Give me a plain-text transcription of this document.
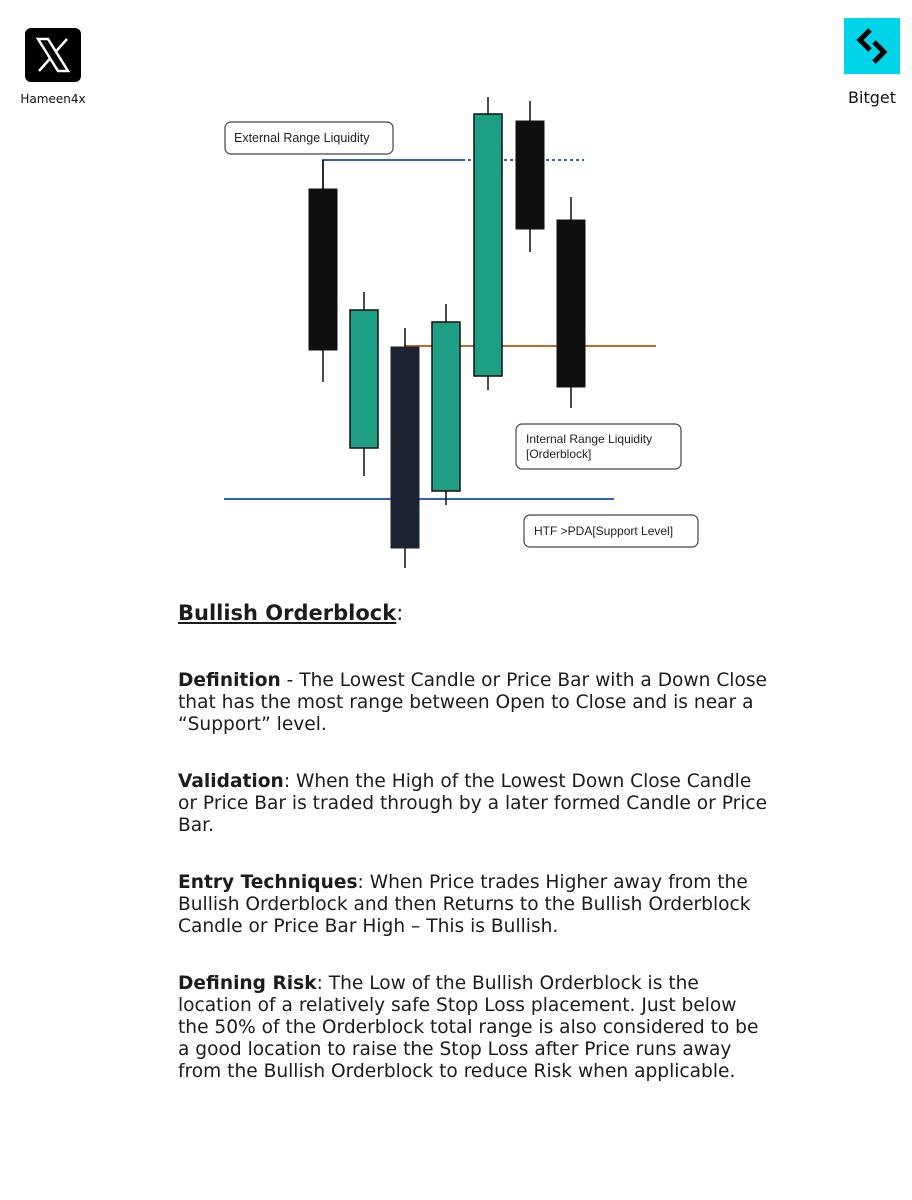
Hameen4x	Bitget
External Range Liquidity
Internal Range Liquidity
[Orderblock]
HTF >PDA[Support Level]
Bullish Orderblock:

Definition - The Lowest Candle or Price Bar with a Down Close that has the most range between Open to Close and is near a “Support” level.

Validation: When the High of the Lowest Down Close Candle or Price Bar is traded through by a later formed Candle or Price Bar.

Entry Techniques: When Price trades Higher away from the Bullish Orderblock and then Returns to the Bullish Orderblock Candle or Price Bar High – This is Bullish.

Defining Risk: The Low of the Bullish Orderblock is the location of a relatively safe Stop Loss placement. Just below the 50% of the Orderblock total range is also considered to be a good location to raise the Stop Loss after Price runs away from the Bullish Orderblock to reduce Risk when applicable.
